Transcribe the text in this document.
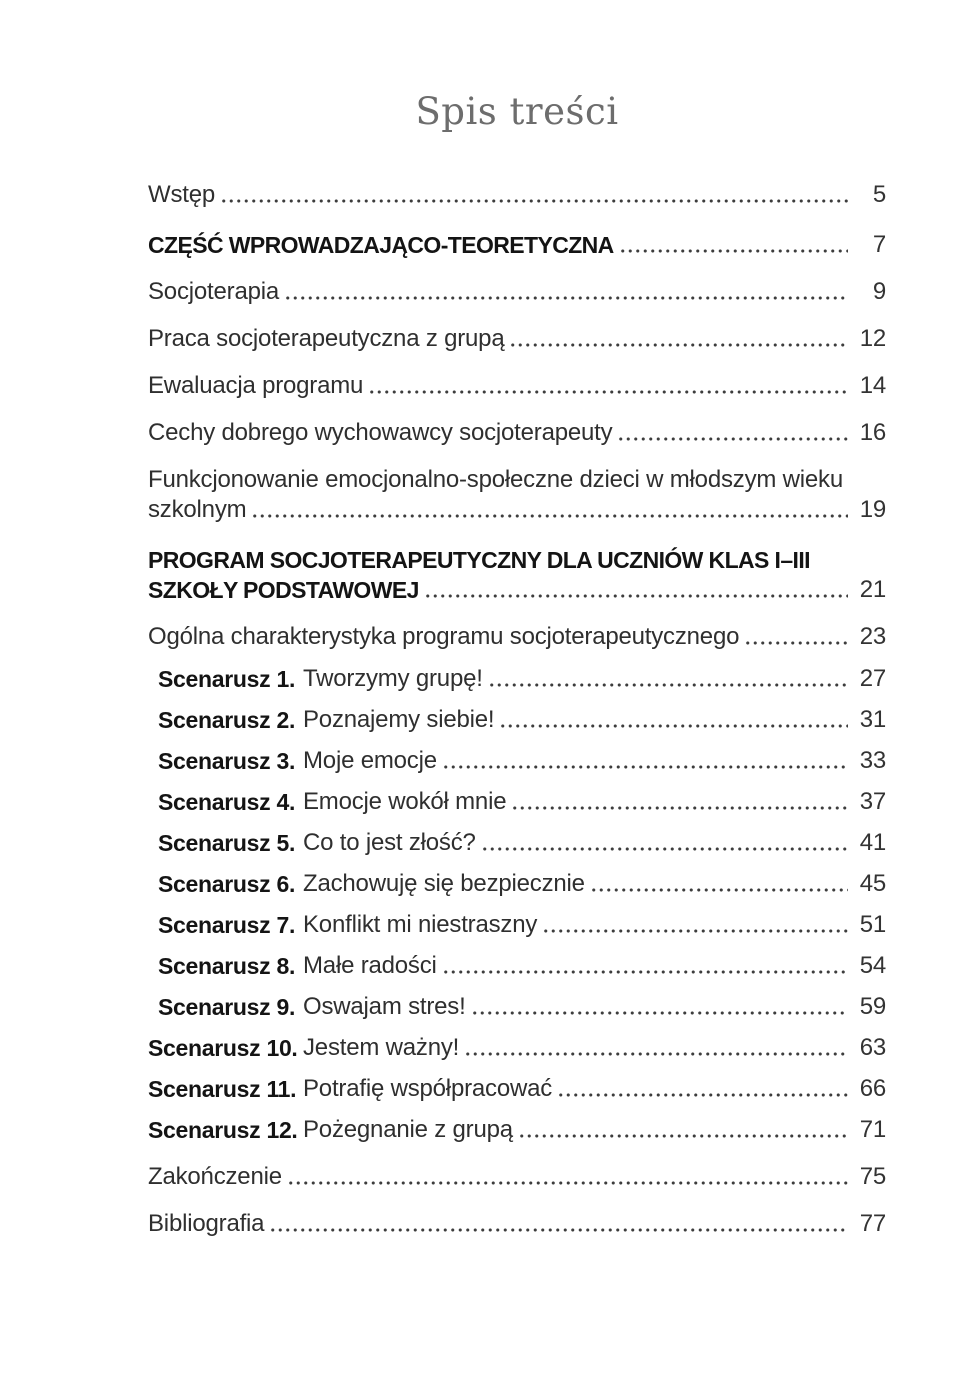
Spis treści
Wstęp	5
CZĘŚĆ WPROWADZAJĄCO-TEORETYCZNA	7
Socjoterapia	9
Praca socjoterapeutyczna z grupą	12
Ewaluacja programu	14
Cechy dobrego wychowawcy socjoterapeuty	16
Funkcjonowanie emocjonalno-społeczne dzieci w młodszym wieku
szkolnym	19
PROGRAM SOCJOTERAPEUTYCZNY DLA UCZNIÓW KLAS I–III
SZKOŁY PODSTAWOWEJ	21
Ogólna charakterystyka programu socjoterapeutycznego	23
Scenarusz 1. Tworzymy grupę!	27
Scenarusz 2. Poznajemy siebie!	31
Scenarusz 3. Moje emocje	33
Scenarusz 4. Emocje wokół mnie	37
Scenarusz 5. Co to jest złość?	41
Scenarusz 6. Zachowuję się bezpiecznie	45
Scenarusz 7. Konflikt mi niestraszny	51
Scenarusz 8. Małe radości	54
Scenarusz 9. Oswajam stres!	59
Scenarusz 10. Jestem ważny!	63
Scenarusz 11. Potrafię współpracować	66
Scenarusz 12. Pożegnanie z grupą	71
Zakończenie	75
Bibliografia	77
